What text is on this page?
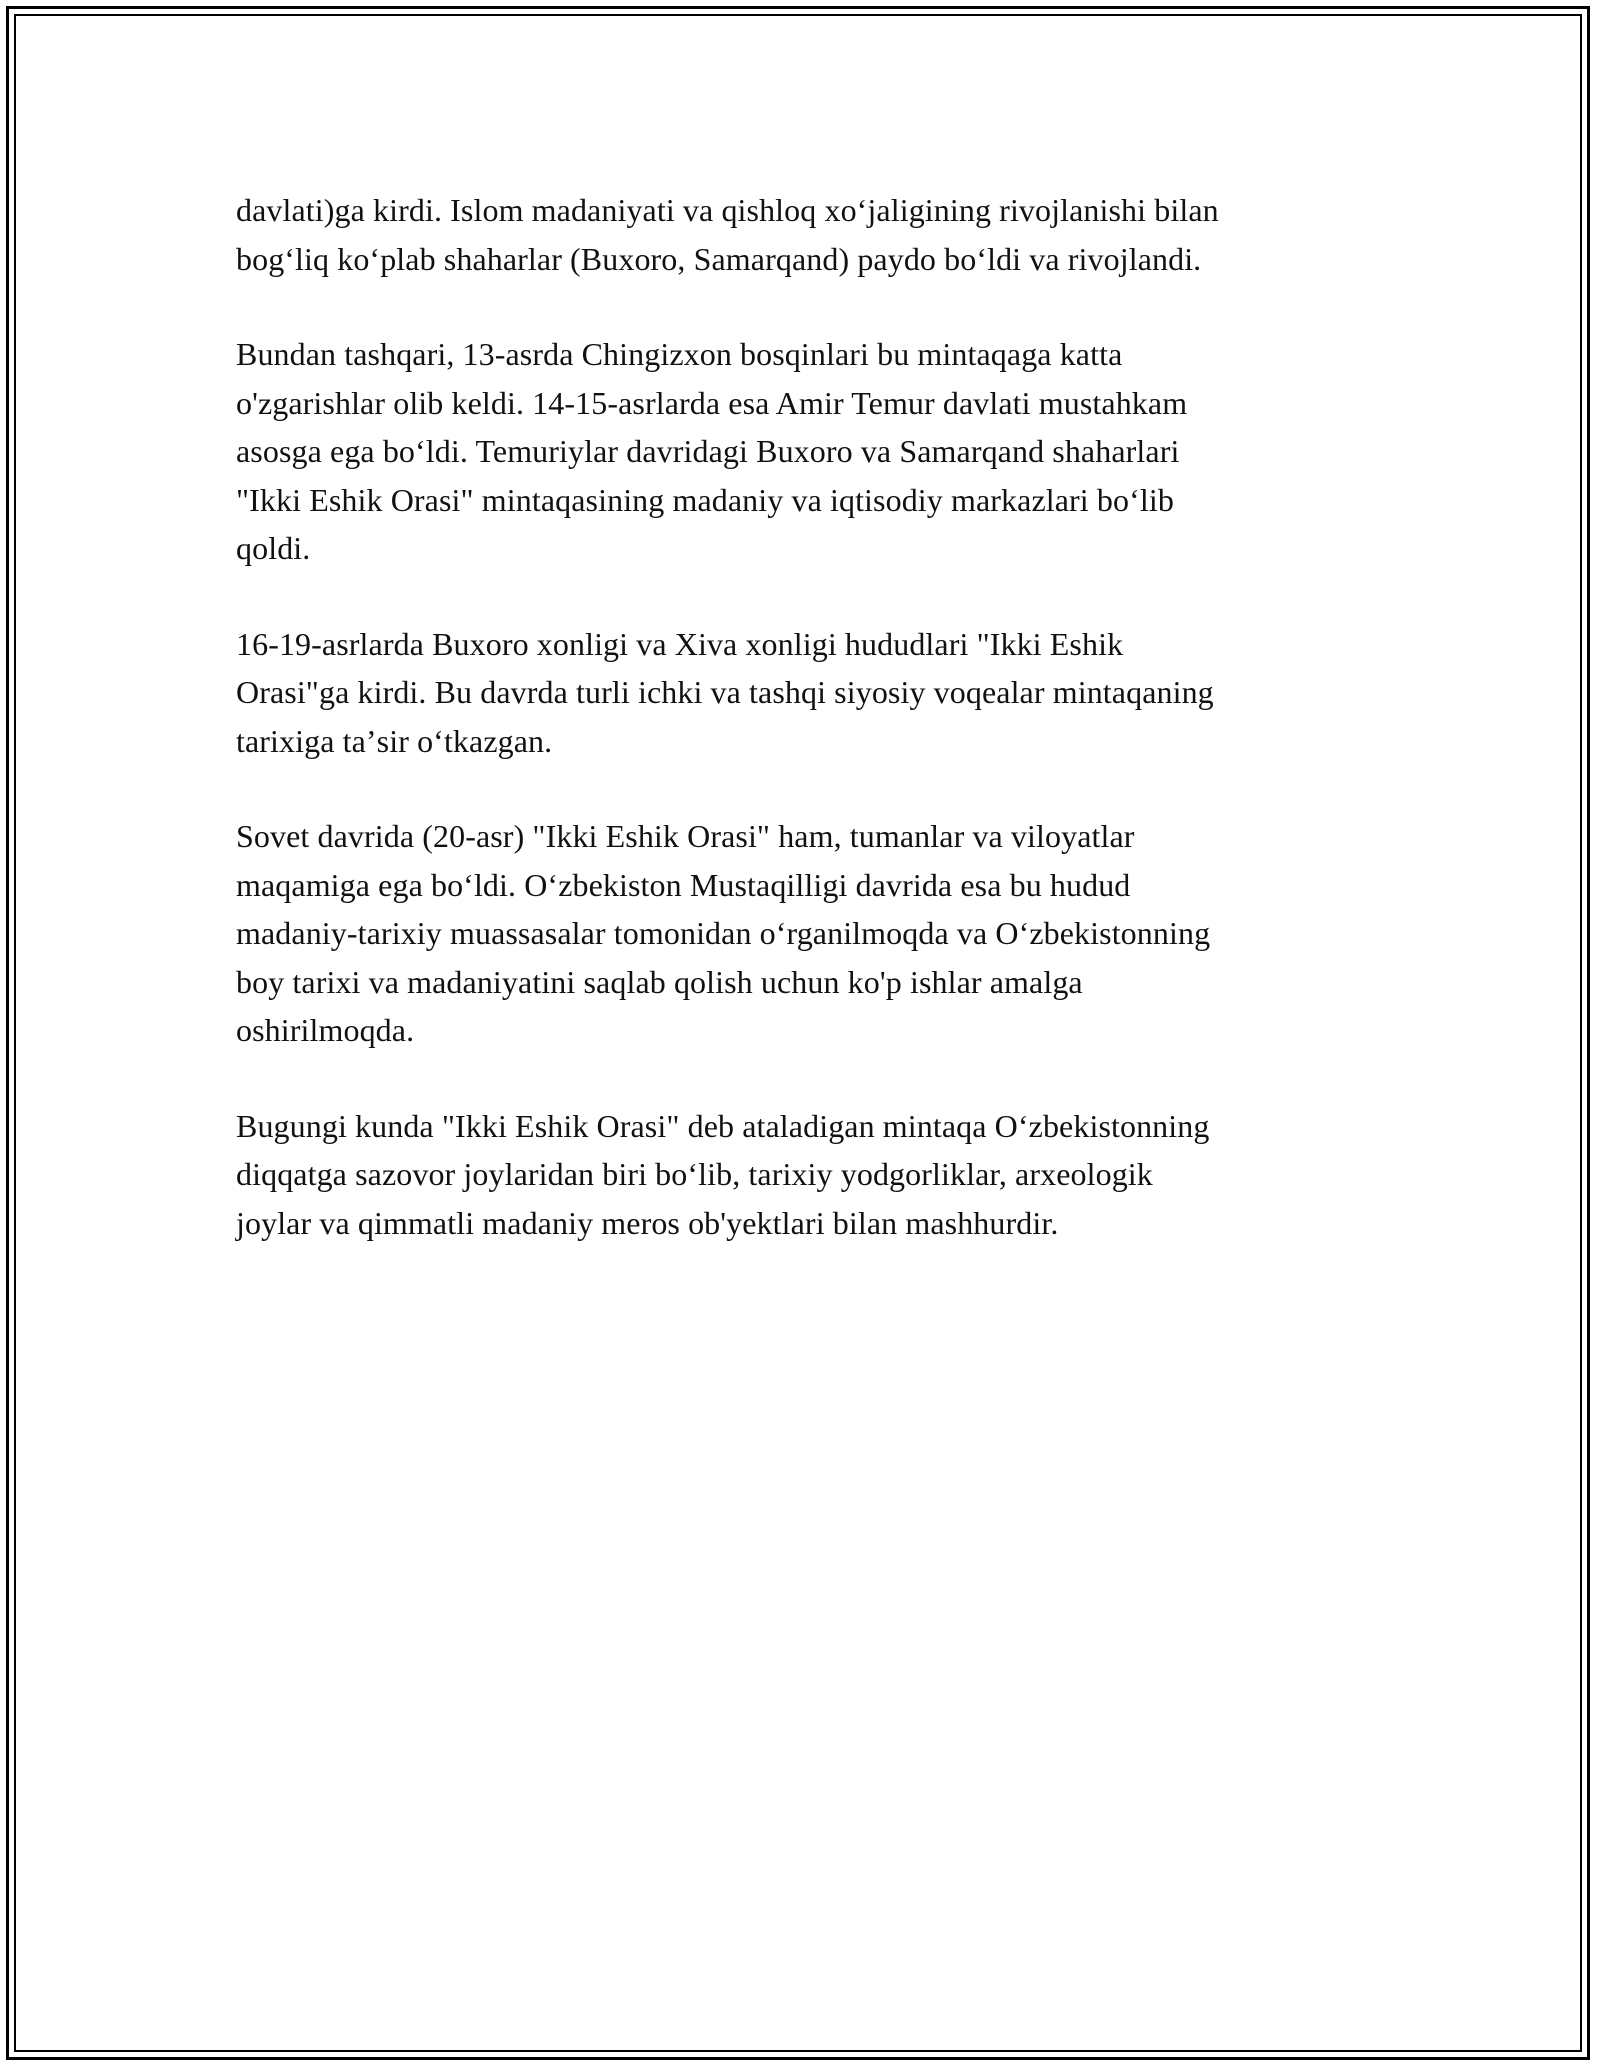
davlati)ga kirdi. Islom madaniyati va qishloq xoʻjaligining rivojlanishi bilan
bogʻliq koʻplab shaharlar (Buxoro, Samarqand) paydo boʻldi va rivojlandi.

Bundan tashqari, 13-asrda Chingizxon bosqinlari bu mintaqaga katta
o'zgarishlar olib keldi. 14-15-asrlarda esa Amir Temur davlati mustahkam
asosga ega boʻldi. Temuriylar davridagi Buxoro va Samarqand shaharlari
"Ikki Eshik Orasi" mintaqasining madaniy va iqtisodiy markazlari boʻlib
qoldi.

16-19-asrlarda Buxoro xonligi va Xiva xonligi hududlari "Ikki Eshik
Orasi"ga kirdi. Bu davrda turli ichki va tashqi siyosiy voqealar mintaqaning
tarixiga taʼsir oʻtkazgan.

Sovet davrida (20-asr) "Ikki Eshik Orasi" ham, tumanlar va viloyatlar
maqamiga ega boʻldi. Oʻzbekiston Mustaqilligi davrida esa bu hudud
madaniy-tarixiy muassasalar tomonidan oʻrganilmoqda va Oʻzbekistonning
boy tarixi va madaniyatini saqlab qolish uchun ko'p ishlar amalga
oshirilmoqda.

Bugungi kunda "Ikki Eshik Orasi" deb ataladigan mintaqa Oʻzbekistonning
diqqatga sazovor joylaridan biri boʻlib, tarixiy yodgorliklar, arxeologik
joylar va qimmatli madaniy meros ob'yektlari bilan mashhurdir.
